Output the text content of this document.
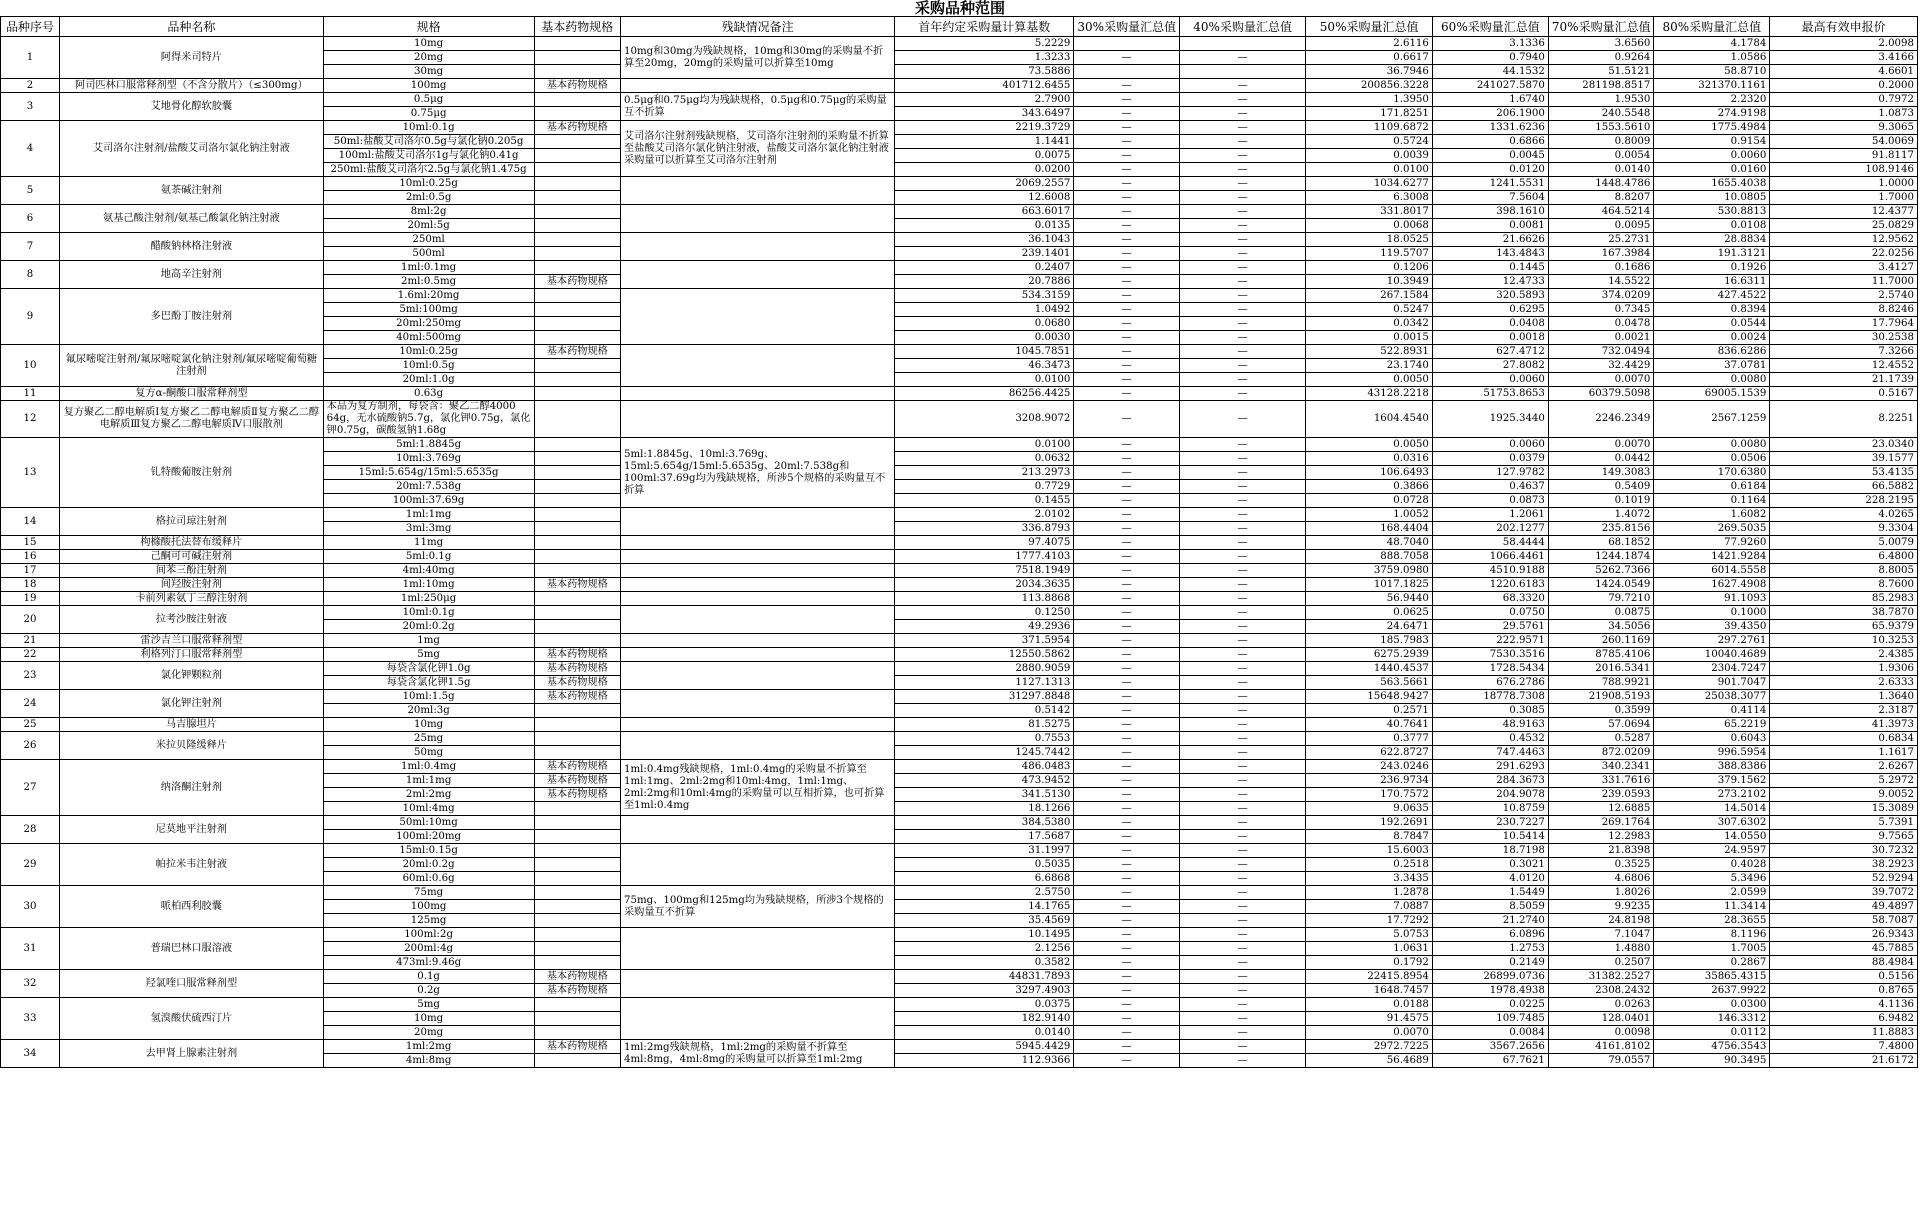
采购品种范围
品种序号	品种名称	规格	基本药物规格	残缺情况备注	首年约定采购量计算基数	30%采购量汇总值	40%采购量汇总值	50%采购量汇总值	60%采购量汇总值	70%采购量汇总值	80%采购量汇总值	最高有效申报价
1	阿得米司特片	10mg		10mg和30mg为残缺规格，10mg和30mg的采购量不折算至20mg，20mg的采购量可以折算至10mg	5.2229			2.6116	3.1336	3.6560	4.1784	2.0098
		20mg			1.3233	—	—	0.6617	0.7940	0.9264	1.0586	3.4166
		30mg			73.5886			36.7946	44.1532	51.5121	58.8710	4.6601
2	阿司匹林口服常释剂型（不含分散片）（≤300mg）	100mg	基本药物规格		401712.6455	—	—	200856.3228	241027.5870	281198.8517	321370.1161	0.2000
3	艾地骨化醇软胶囊	0.5μg		0.5μg和0.75μg均为残缺规格，0.5μg和0.75μg的采购量互不折算	2.7900	—	—	1.3950	1.6740	1.9530	2.2320	0.7972
		0.75μg			343.6497	—	—	171.8251	206.1900	240.5548	274.9198	1.0873
4	艾司洛尔注射剂/盐酸艾司洛尔氯化钠注射液	10ml:0.1g	基本药物规格	艾司洛尔注射剂残缺规格，艾司洛尔注射剂的采购量不折算至盐酸艾司洛尔氯化钠注射液，盐酸艾司洛尔氯化钠注射液采购量可以折算至艾司洛尔注射剂	2219.3729	—	—	1109.6872	1331.6236	1553.5610	1775.4984	9.3065
		50ml:盐酸艾司洛尔0.5g与氯化钠0.205g			1.1441	—	—	0.5724	0.6866	0.8009	0.9154	54.0069
		100ml:盐酸艾司洛尔1g与氯化钠0.41g			0.0075	—	—	0.0039	0.0045	0.0054	0.0060	91.8117
		250ml:盐酸艾司洛尔2.5g与氯化钠1.475g			0.0200	—	—	0.0100	0.0120	0.0140	0.0160	108.9146
5	氨茶碱注射剂	10ml:0.25g			2069.2557	—	—	1034.6277	1241.5531	1448.4786	1655.4038	1.0000
		2ml:0.5g			12.6008	—	—	6.3008	7.5604	8.8207	10.0805	1.7000
6	氨基己酸注射剂/氨基己酸氯化钠注射液	8ml:2g			663.6017	—	—	331.8017	398.1610	464.5214	530.8813	12.4377
		20ml:5g			0.0135	—	—	0.0068	0.0081	0.0095	0.0108	25.0829
7	醋酸钠林格注射液	250ml			36.1043	—	—	18.0525	21.6626	25.2731	28.8834	12.9562
		500ml			239.1401	—	—	119.5707	143.4843	167.3984	191.3121	22.0256
8	地高辛注射剂	1ml:0.1mg			0.2407	—	—	0.1206	0.1445	0.1686	0.1926	3.4127
		2ml:0.5mg	基本药物规格		20.7886	—	—	10.3949	12.4733	14.5522	16.6311	11.7000
9	多巴酚丁胺注射剂	1.6ml:20mg			534.3159	—	—	267.1584	320.5893	374.0209	427.4522	2.5740
		5ml:100mg			1.0492	—	—	0.5247	0.6295	0.7345	0.8394	8.8246
		20ml:250mg			0.0680	—	—	0.0342	0.0408	0.0478	0.0544	17.7964
		40ml:500mg			0.0030	—	—	0.0015	0.0018	0.0021	0.0024	30.2538
10	氟尿嘧啶注射剂/氟尿嘧啶氯化钠注射剂/氟尿嘧啶葡萄糖注射剂	10ml:0.25g	基本药物规格		1045.7851	—	—	522.8931	627.4712	732.0494	836.6286	7.3266
		10ml:0.5g			46.3473	—	—	23.1740	27.8082	32.4429	37.0781	12.4552
		20ml:1.0g			0.0100	—	—	0.0050	0.0060	0.0070	0.0080	21.1739
11	复方α-酮酸口服常释剂型	0.63g			86256.4425	—	—	43128.2218	51753.8653	60379.5098	69005.1539	0.5167
12	复方聚乙二醇电解质Ⅰ复方聚乙二醇电解质Ⅱ复方聚乙二醇电解质Ⅲ复方聚乙二醇电解质Ⅳ口服散剂	本品为复方制剂，每袋含：聚乙二醇4000 64g，无水硫酸钠5.7g，氯化钾0.75g，氯化钾0.75g，碳酸氢钠1.68g			3208.9072	—	—	1604.4540	1925.3440	2246.2349	2567.1259	8.2251
13	钆特酸葡胺注射剂	5ml:1.8845g		5ml:1.8845g、10ml:3.769g、15ml:5.654g/15ml:5.6535g、20ml:7.538g和100ml:37.69g均为残缺规格，所涉5个规格的采购量互不折算	0.0100	—	—	0.0050	0.0060	0.0070	0.0080	23.0340
		10ml:3.769g			0.0632	—	—	0.0316	0.0379	0.0442	0.0506	39.1577
		15ml:5.654g/15ml:5.6535g			213.2973	—	—	106.6493	127.9782	149.3083	170.6380	53.4135
		20ml:7.538g			0.7729	—	—	0.3866	0.4637	0.5409	0.6184	66.5882
		100ml:37.69g			0.1455	—	—	0.0728	0.0873	0.1019	0.1164	228.2195
14	格拉司琼注射剂	1ml:1mg			2.0102	—	—	1.0052	1.2061	1.4072	1.6082	4.0265
		3ml:3mg			336.8793	—	—	168.4404	202.1277	235.8156	269.5035	9.3304
15	枸橼酸托法替布缓释片	11mg			97.4075	—	—	48.7040	58.4444	68.1852	77.9260	5.0079
16	己酮可可碱注射剂	5ml:0.1g			1777.4103	—	—	888.7058	1066.4461	1244.1874	1421.9284	6.4800
17	间苯三酚注射剂	4ml:40mg			7518.1949	—	—	3759.0980	4510.9188	5262.7366	6014.5558	8.8005
18	间羟胺注射剂	1ml:10mg	基本药物规格		2034.3635	—	—	1017.1825	1220.6183	1424.0549	1627.4908	8.7600
19	卡前列素氨丁三醇注射剂	1ml:250μg			113.8868	—	—	56.9440	68.3320	79.7210	91.1093	85.2983
20	拉考沙胺注射液	10ml:0.1g			0.1250	—	—	0.0625	0.0750	0.0875	0.1000	38.7870
		20ml:0.2g			49.2936	—	—	24.6471	29.5761	34.5056	39.4350	65.9379
21	雷沙吉兰口服常释剂型	1mg			371.5954	—	—	185.7983	222.9571	260.1169	297.2761	10.3253
22	利格列汀口服常释剂型	5mg	基本药物规格		12550.5862	—	—	6275.2939	7530.3516	8785.4106	10040.4689	2.4385
23	氯化钾颗粒剂	每袋含氯化钾1.0g	基本药物规格		2880.9059	—	—	1440.4537	1728.5434	2016.5341	2304.7247	1.9306
		每袋含氯化钾1.5g	基本药物规格		1127.1313	—	—	563.5661	676.2786	788.9921	901.7047	2.6333
24	氯化钾注射剂	10ml:1.5g	基本药物规格		31297.8848	—	—	15648.9427	18778.7308	21908.5193	25038.3077	1.3640
		20ml:3g			0.5142	—	—	0.2571	0.3085	0.3599	0.4114	2.3187
25	马吉腺坦片	10mg			81.5275	—	—	40.7641	48.9163	57.0694	65.2219	41.3973
26	米拉贝隆缓释片	25mg			0.7553	—	—	0.3777	0.4532	0.5287	0.6043	0.6834
		50mg			1245.7442	—	—	622.8727	747.4463	872.0209	996.5954	1.1617
27	纳洛酮注射剂	1ml:0.4mg	基本药物规格	1ml:0.4mg残缺规格，1ml:0.4mg的采购量不折算至1ml:1mg、2ml:2mg和10ml:4mg，1ml:1mg、2ml:2mg和10ml:4mg的采购量可以互相折算，也可折算至1ml:0.4mg	486.0483	—	—	243.0246	291.6293	340.2341	388.8386	2.6267
		1ml:1mg	基本药物规格		473.9452	—	—	236.9734	284.3673	331.7616	379.1562	5.2972
		2ml:2mg	基本药物规格		341.5130	—	—	170.7572	204.9078	239.0593	273.2102	9.0052
		10ml:4mg			18.1266	—	—	9.0635	10.8759	12.6885	14.5014	15.3089
28	尼莫地平注射剂	50ml:10mg			384.5380	—	—	192.2691	230.7227	269.1764	307.6302	5.7391
		100ml:20mg			17.5687	—	—	8.7847	10.5414	12.2983	14.0550	9.7565
29	帕拉米韦注射液	15ml:0.15g			31.1997	—	—	15.6003	18.7198	21.8398	24.9597	30.7232
		20ml:0.2g			0.5035	—	—	0.2518	0.3021	0.3525	0.4028	38.2923
		60ml:0.6g			6.6868	—	—	3.3435	4.0120	4.6806	5.3496	52.9294
30	哌柏西利胶囊	75mg		75mg、100mg和125mg均为残缺规格，所涉3个规格的采购量互不折算	2.5750	—	—	1.2878	1.5449	1.8026	2.0599	39.7072
		100mg			14.1765	—	—	7.0887	8.5059	9.9235	11.3414	49.4897
		125mg			35.4569	—	—	17.7292	21.2740	24.8198	28.3655	58.7087
31	普瑞巴林口服溶液	100ml:2g			10.1495	—	—	5.0753	6.0896	7.1047	8.1196	26.9343
		200ml:4g			2.1256	—	—	1.0631	1.2753	1.4880	1.7005	45.7885
		473ml:9.46g			0.3582	—	—	0.1792	0.2149	0.2507	0.2867	88.4984
32	羟氯喹口服常释剂型	0.1g	基本药物规格		44831.7893	—	—	22415.8954	26899.0736	31382.2527	35865.4315	0.5156
		0.2g	基本药物规格		3297.4903	—	—	1648.7457	1978.4938	2308.2432	2637.9922	0.8765
33	氢溴酸伏硫西汀片	5mg			0.0375	—	—	0.0188	0.0225	0.0263	0.0300	4.1136
		10mg			182.9140	—	—	91.4575	109.7485	128.0401	146.3312	6.9482
		20mg			0.0140	—	—	0.0070	0.0084	0.0098	0.0112	11.8883
34	去甲肾上腺素注射剂	1ml:2mg	基本药物规格	1ml:2mg残缺规格，1ml:2mg的采购量不折算至4ml:8mg，4ml:8mg的采购量可以折算至1ml:2mg	5945.4429	—	—	2972.7225	3567.2656	4161.8102	4756.3543	7.4800
		4ml:8mg			112.9366	—	—	56.4689	67.7621	79.0557	90.3495	21.6172
